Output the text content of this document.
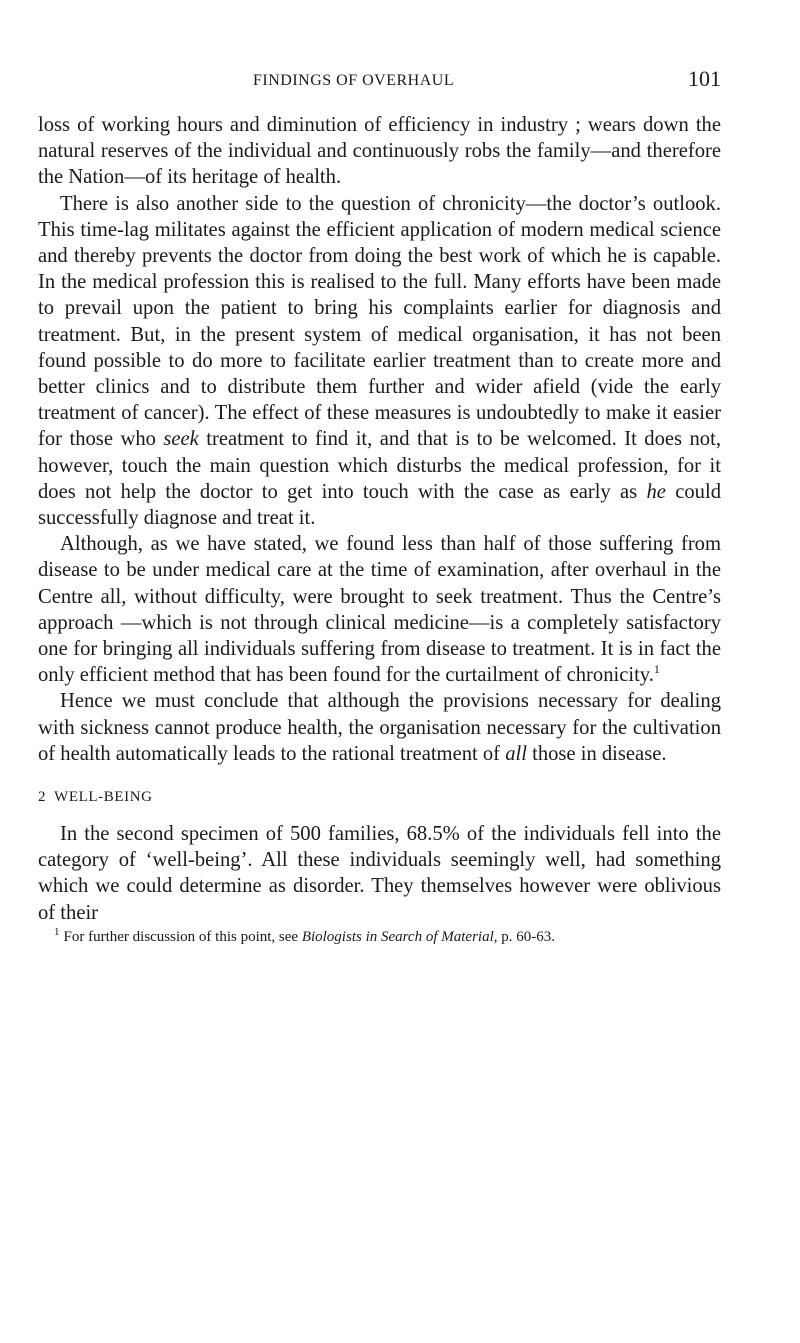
FINDINGS OF OVERHAUL	101

loss of working hours and diminution of efficiency in industry ; wears down the natural reserves of the individual and continuously robs the family—and therefore the Nation—of its heritage of health.

There is also another side to the question of chronicity—the doctor’s outlook. This time-lag militates against the efficient application of modern medical science and thereby prevents the doctor from doing the best work of which he is capable. In the medical profession this is realised to the full. Many efforts have been made to prevail upon the patient to bring his complaints earlier for diagnosis and treatment. But, in the present system of medical organisation, it has not been found possible to do more to facilitate earlier treatment than to create more and better clinics and to distribute them further and wider afield (vide the early treatment of cancer). The effect of these measures is undoubtedly to make it easier for those who seek treatment to find it, and that is to be welcomed. It does not, however, touch the main question which disturbs the medical profession, for it does not help the doctor to get into touch with the case as early as he could successfully diagnose and treat it.

Although, as we have stated, we found less than half of those suffering from disease to be under medical care at the time of examination, after overhaul in the Centre all, without difficulty, were brought to seek treatment. Thus the Centre’s approach —which is not through clinical medicine—is a completely satisfactory one for bringing all individuals suffering from disease to treatment. It is in fact the only efficient method that has been found for the curtailment of chronicity.$^1$

Hence we must conclude that although the provisions necessary for dealing with sickness cannot produce health, the organisation necessary for the cultivation of health automatically leads to the rational treatment of all those in disease.

2 WELL-BEING

In the second specimen of 500 families, 68.5% of the individuals fell into the category of ‘well-being’. All these individuals seemingly well, had something which we could determine as disorder. They themselves however were oblivious of their

$^1$ For further discussion of this point, see Biologists in Search of Material, p. 60-63.
